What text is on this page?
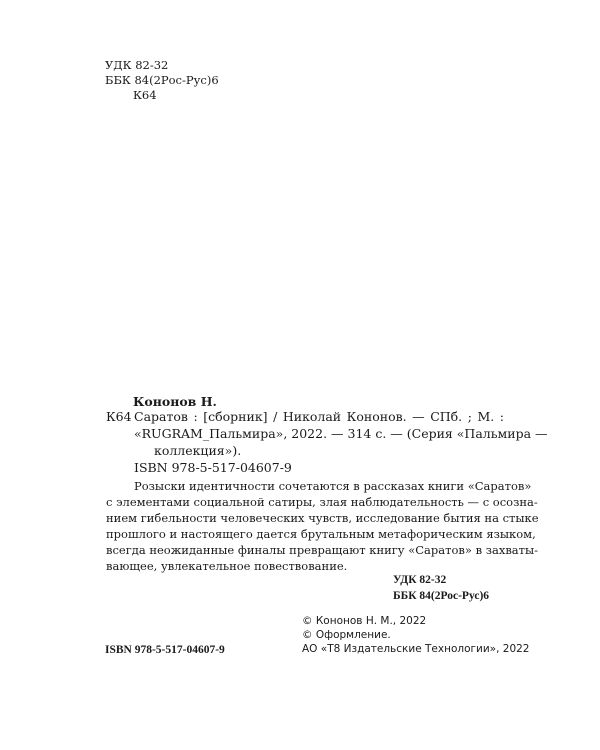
УДК 82-32
ББК 84(2Рос-Рус)6
К64

Кононов Н.

К64 Саратов : [сборник] / Николай Кононов. — СПб. ; М. :
«RUGRAM_Пальмира», 2022. — 314 с. — (Серия «Пальмира —
коллекция»).

ISBN 978-5-517-04607-9

Розыски идентичности сочетаются в рассказах книги «Саратов»
с элементами социальной сатиры, злая наблюдательность — с осозна-
нием гибельности человеческих чувств, исследование бытия на стыке
прошлого и настоящего дается брутальным метафорическим языком,
всегда неожиданные финалы превращают книгу «Саратов» в захваты-
вающее, увлекательное повествование.
УДК 82-32
ББК 84(2Рос-Рус)6
© Кононов Н. М., 2022
© Оформление.
АО «Т8 Издательские Технологии», 2022

ISBN 978-5-517-04607-9
